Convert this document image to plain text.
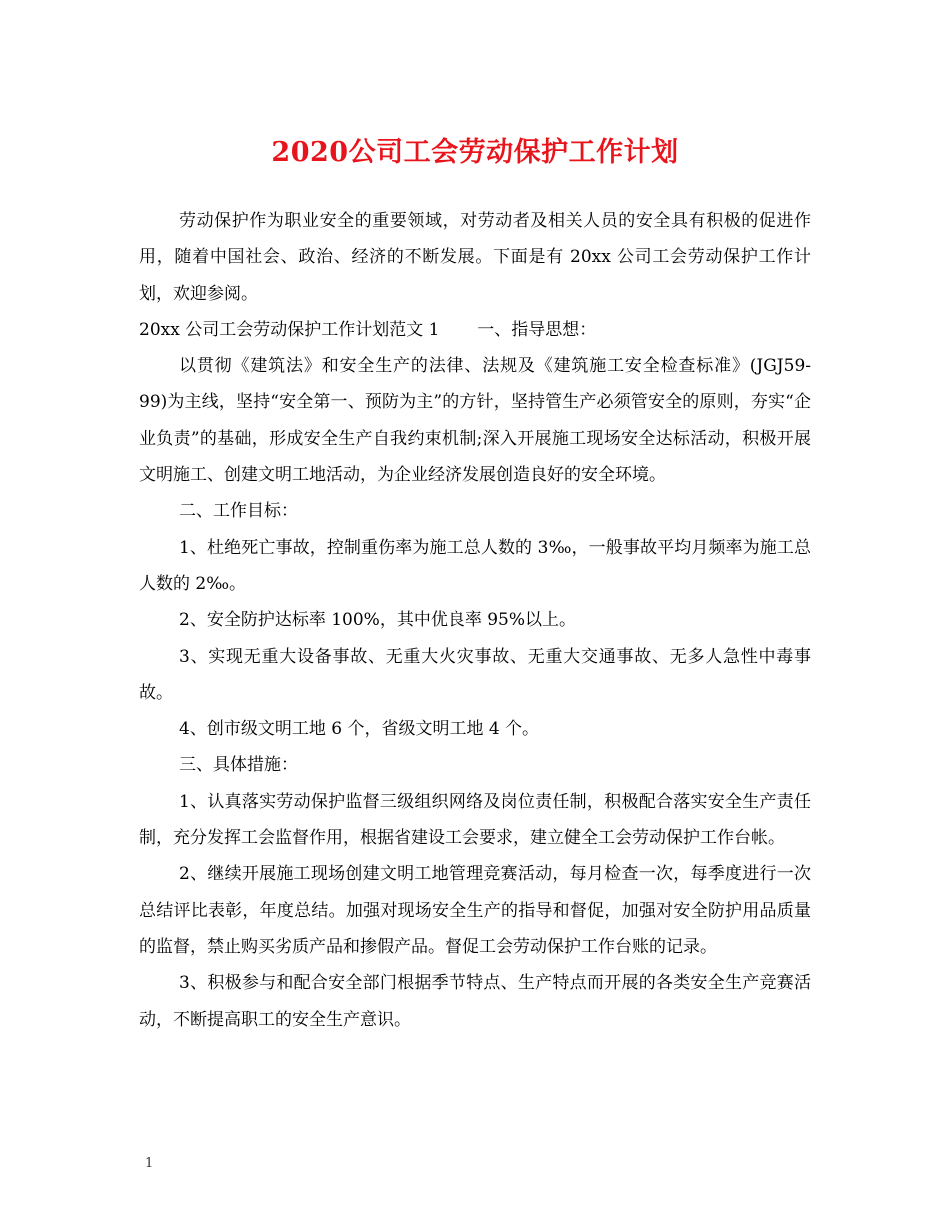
2020公司工会劳动保护工作计划

劳动保护作为职业安全的重要领域，对劳动者及相关人员的安全具有积极的促进作用，随着中国社会、政治、经济的不断发展。下面是有 20xx 公司工会劳动保护工作计划，欢迎参阅。

20xx 公司工会劳动保护工作计划范文 1       一、指导思想：

以贯彻《建筑法》和安全生产的法律、法规及《建筑施工安全检查标准》(JGJ59-99)为主线，坚持“安全第一、预防为主”的方针，坚持管生产必须管安全的原则，夯实“企业负责”的基础，形成安全生产自我约束机制;深入开展施工现场安全达标活动，积极开展文明施工、创建文明工地活动，为企业经济发展创造良好的安全环境。

二、工作目标：

1、杜绝死亡事故，控制重伤率为施工总人数的 3‰，一般事故平均月频率为施工总人数的 2‰。

2、安全防护达标率 100%，其中优良率 95%以上。

3、实现无重大设备事故、无重大火灾事故、无重大交通事故、无多人急性中毒事故。

4、创市级文明工地 6 个，省级文明工地 4 个。

三、具体措施：

1、认真落实劳动保护监督三级组织网络及岗位责任制，积极配合落实安全生产责任制，充分发挥工会监督作用，根据省建设工会要求，建立健全工会劳动保护工作台帐。

2、继续开展施工现场创建文明工地管理竞赛活动，每月检查一次，每季度进行一次总结评比表彰，年度总结。加强对现场安全生产的指导和督促，加强对安全防护用品质量的监督，禁止购买劣质产品和掺假产品。督促工会劳动保护工作台账的记录。

3、积极参与和配合安全部门根据季节特点、生产特点而开展的各类安全生产竞赛活动，不断提高职工的安全生产意识。

1
